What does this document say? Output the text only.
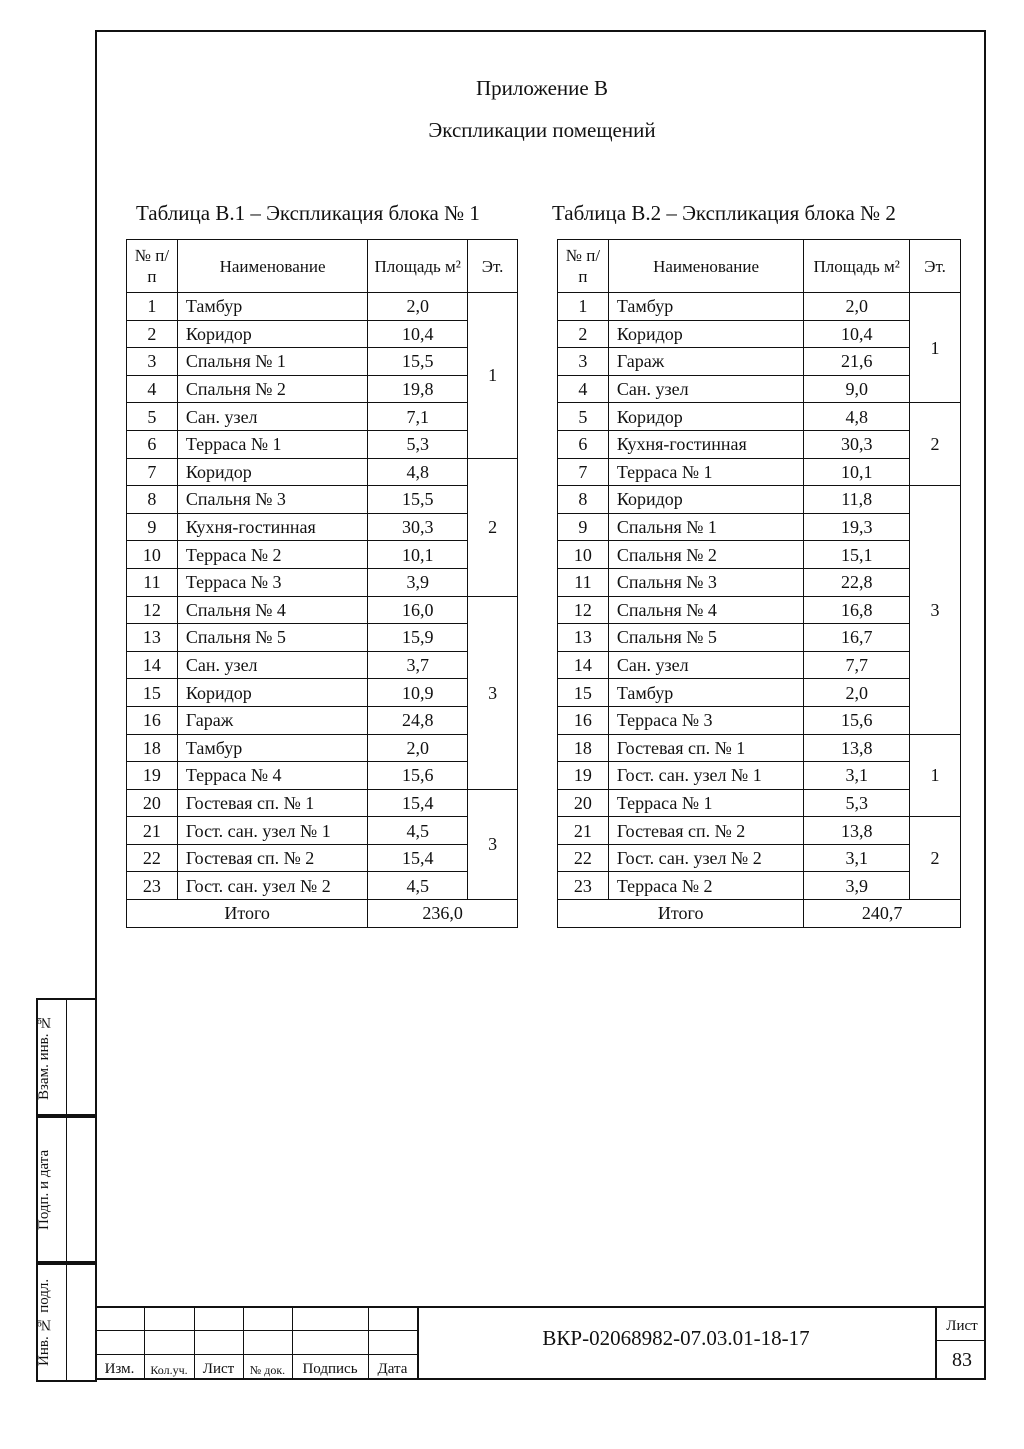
Приложение В
Экспликации помещений
Таблица В.1 – Экспликация блока № 1	Таблица В.2 – Экспликация блока № 2
№ п/п	Наименование	Площадь м²	Эт.
1	Тамбур	2,0	1
2	Коридор	10,4	
3	Спальня № 1	15,5	
4	Спальня № 2	19,8	
5	Сан. узел	7,1	
6	Терраса № 1	5,3	
7	Коридор	4,8	2
8	Спальня № 3	15,5	
9	Кухня-гостинная	30,3	
10	Терраса № 2	10,1	
11	Терраса № 3	3,9	
12	Спальня № 4	16,0	3
13	Спальня № 5	15,9	
14	Сан. узел	3,7	
15	Коридор	10,9	
16	Гараж	24,8	
18	Тамбур	2,0	
19	Терраса № 4	15,6	
20	Гостевая сп. № 1	15,4	3
21	Гост. сан. узел № 1	4,5	
22	Гостевая сп. № 2	15,4	
23	Гост. сан. узел № 2	4,5	
Итого		236,0	
№ п/п	Наименование	Площадь м²	Эт.
1	Тамбур	2,0	1
2	Коридор	10,4	
3	Гараж	21,6	
4	Сан. узел	9,0	
5	Коридор	4,8	2
6	Кухня-гостинная	30,3	
7	Терраса № 1	10,1	
8	Коридор	11,8	3
9	Спальня № 1	19,3	
10	Спальня № 2	15,1	
11	Спальня № 3	22,8	
12	Спальня № 4	16,8	
13	Спальня № 5	16,7	
14	Сан. узел	7,7	
15	Тамбур	2,0	
16	Терраса № 3	15,6	
18	Гостевая сп. № 1	13,8	1
19	Гост. сан. узел № 1	3,1	
20	Терраса № 1	5,3	
21	Гостевая сп. № 2	13,8	2
22	Гост. сан. узел № 2	3,1	
23	Терраса № 2	3,9	
Итого		240,7	
Взам. инв. №
Подп. и дата
Инв. № подл.
Изм.	Кол.уч.	Лист	№ док.	Подпись	Дата
ВКР-02068982-07.03.01-18-17	Лист
83
